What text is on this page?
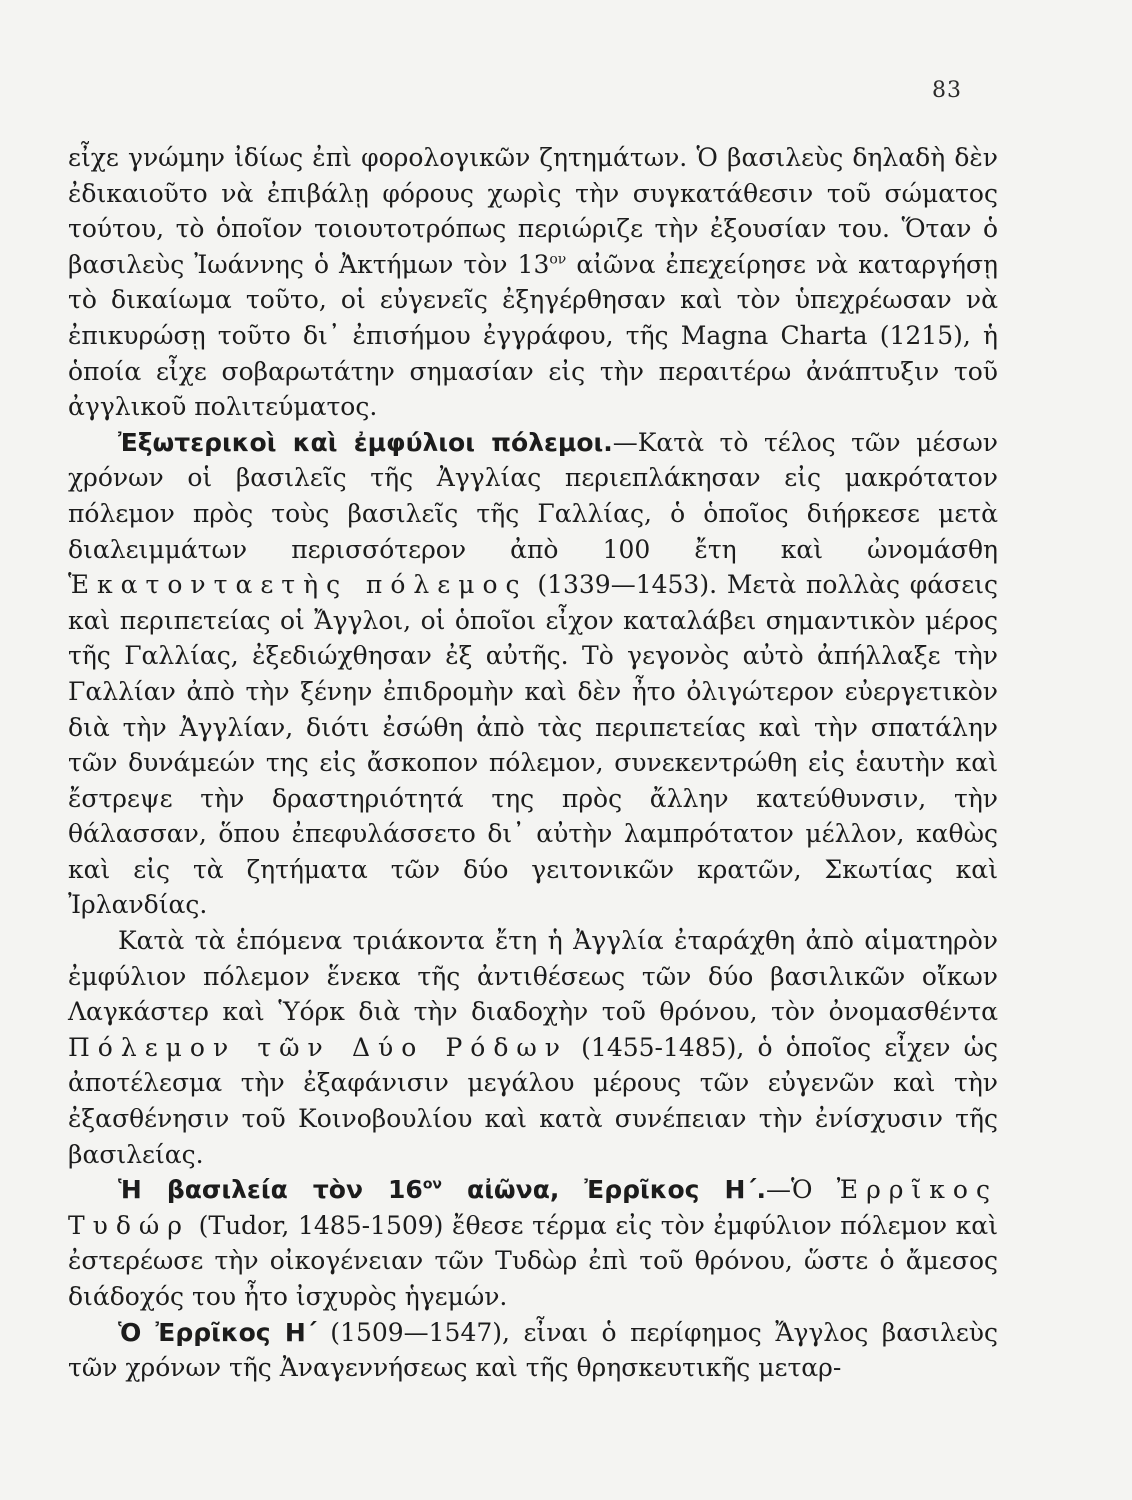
83

εἶχε γνώμην ἰδίως ἐπὶ φορολογικῶν ζητημάτων. Ὁ βασιλεὺς δηλαδὴ δὲν ἐδικαιοῦτο νὰ ἐπιβάλῃ φόρους χωρὶς τὴν συγκατάθεσιν τοῦ σώματος τούτου, τὸ ὁποῖον τοιουτοτρόπως περιώριζε τὴν ἐξουσίαν του. Ὅταν ὁ βασιλεὺς Ἰωάννης ὁ Ἀκτήμων τὸν $13^{o\nu}$ αἰῶνα ἐπεχείρησε νὰ καταργήσῃ τὸ δικαίωμα τοῦτο, οἱ εὐγενεῖς ἐξηγέρθησαν καὶ τὸν ὑπεχρέωσαν νὰ ἐπικυρώσῃ τοῦτο δι᾽ ἐπισήμου ἐγγράφου, τῆς Magna Charta (1215), ἡ ὁποία εἶχε σοβαρωτάτην σημασίαν εἰς τὴν περαιτέρω ἀνάπτυξιν τοῦ ἀγγλικοῦ πολιτεύματος.

Ἐξωτερικοὶ καὶ ἐμφύλιοι πόλεμοι.—Κατὰ τὸ τέλος τῶν μέσων χρόνων οἱ βασιλεῖς τῆς Ἀγγλίας περιεπλάκησαν εἰς μακρότατον πόλεμον πρὸς τοὺς βασιλεῖς τῆς Γαλλίας, ὁ ὁποῖος διήρκεσε μετὰ διαλειμμάτων περισσότερον ἀπὸ 100 ἔτη καὶ ὠνομάσθη Ἑκατονταετὴς πόλεμος (1339—1453). Μετὰ πολλὰς φάσεις καὶ περιπετείας οἱ Ἄγγλοι, οἱ ὁποῖοι εἶχον καταλάβει σημαντικὸν μέρος τῆς Γαλλίας, ἐξεδιώχθησαν ἐξ αὐτῆς. Τὸ γεγονὸς αὐτὸ ἀπήλλαξε τὴν Γαλλίαν ἀπὸ τὴν ξένην ἐπιδρομὴν καὶ δὲν ἦτο ὀλιγώτερον εὐεργετικὸν διὰ τὴν Ἀγγλίαν, διότι ἐσώθη ἀπὸ τὰς περιπετείας καὶ τὴν σπατάλην τῶν δυνάμεών της εἰς ἄσκοπον πόλεμον, συνεκεντρώθη εἰς ἑαυτὴν καὶ ἔστρεψε τὴν δραστηριότητά της πρὸς ἄλλην κατεύθυνσιν, τὴν θάλασσαν, ὅπου ἐπεφυλάσσετο δι᾽ αὐτὴν λαμπρότατον μέλλον, καθὼς καὶ εἰς τὰ ζητήματα τῶν δύο γειτονικῶν κρατῶν, Σκωτίας καὶ Ἰρλανδίας.

Κατὰ τὰ ἑπόμενα τριάκοντα ἔτη ἡ Ἀγγλία ἐταράχθη ἀπὸ αἱματηρὸν ἐμφύλιον πόλεμον ἕνεκα τῆς ἀντιθέσεως τῶν δύο βασιλικῶν οἴκων Λαγκάστερ καὶ Ὑόρκ διὰ τὴν διαδοχὴν τοῦ θρόνου, τὸν ὀνομασθέντα Πόλεμον τῶν Δύο Ρόδων (1455-1485), ὁ ὁποῖος εἶχεν ὡς ἀποτέλεσμα τὴν ἐξαφάνισιν μεγάλου μέρους τῶν εὐγενῶν καὶ τὴν ἐξασθένησιν τοῦ Κοινοβουλίου καὶ κατὰ συνέπειαν τὴν ἐνίσχυσιν τῆς βασιλείας.

Ἡ βασιλεία τὸν $16^{o\nu}$ αἰῶνα, Ἐρρῖκος Η΄.—Ὁ Ἐρρῖκος Τυδώρ (Tudor, 1485-1509) ἔθεσε τέρμα εἰς τὸν ἐμφύλιον πόλεμον καὶ ἐστερέωσε τὴν οἰκογένειαν τῶν Τυδὼρ ἐπὶ τοῦ θρόνου, ὥστε ὁ ἄμεσος διάδοχός του ἦτο ἰσχυρὸς ἡγεμών.

Ὁ Ἐρρῖκος Η΄ (1509—1547), εἶναι ὁ περίφημος Ἄγγλος βασιλεὺς τῶν χρόνων τῆς Ἀναγεννήσεως καὶ τῆς θρησκευτικῆς μεταρ-
